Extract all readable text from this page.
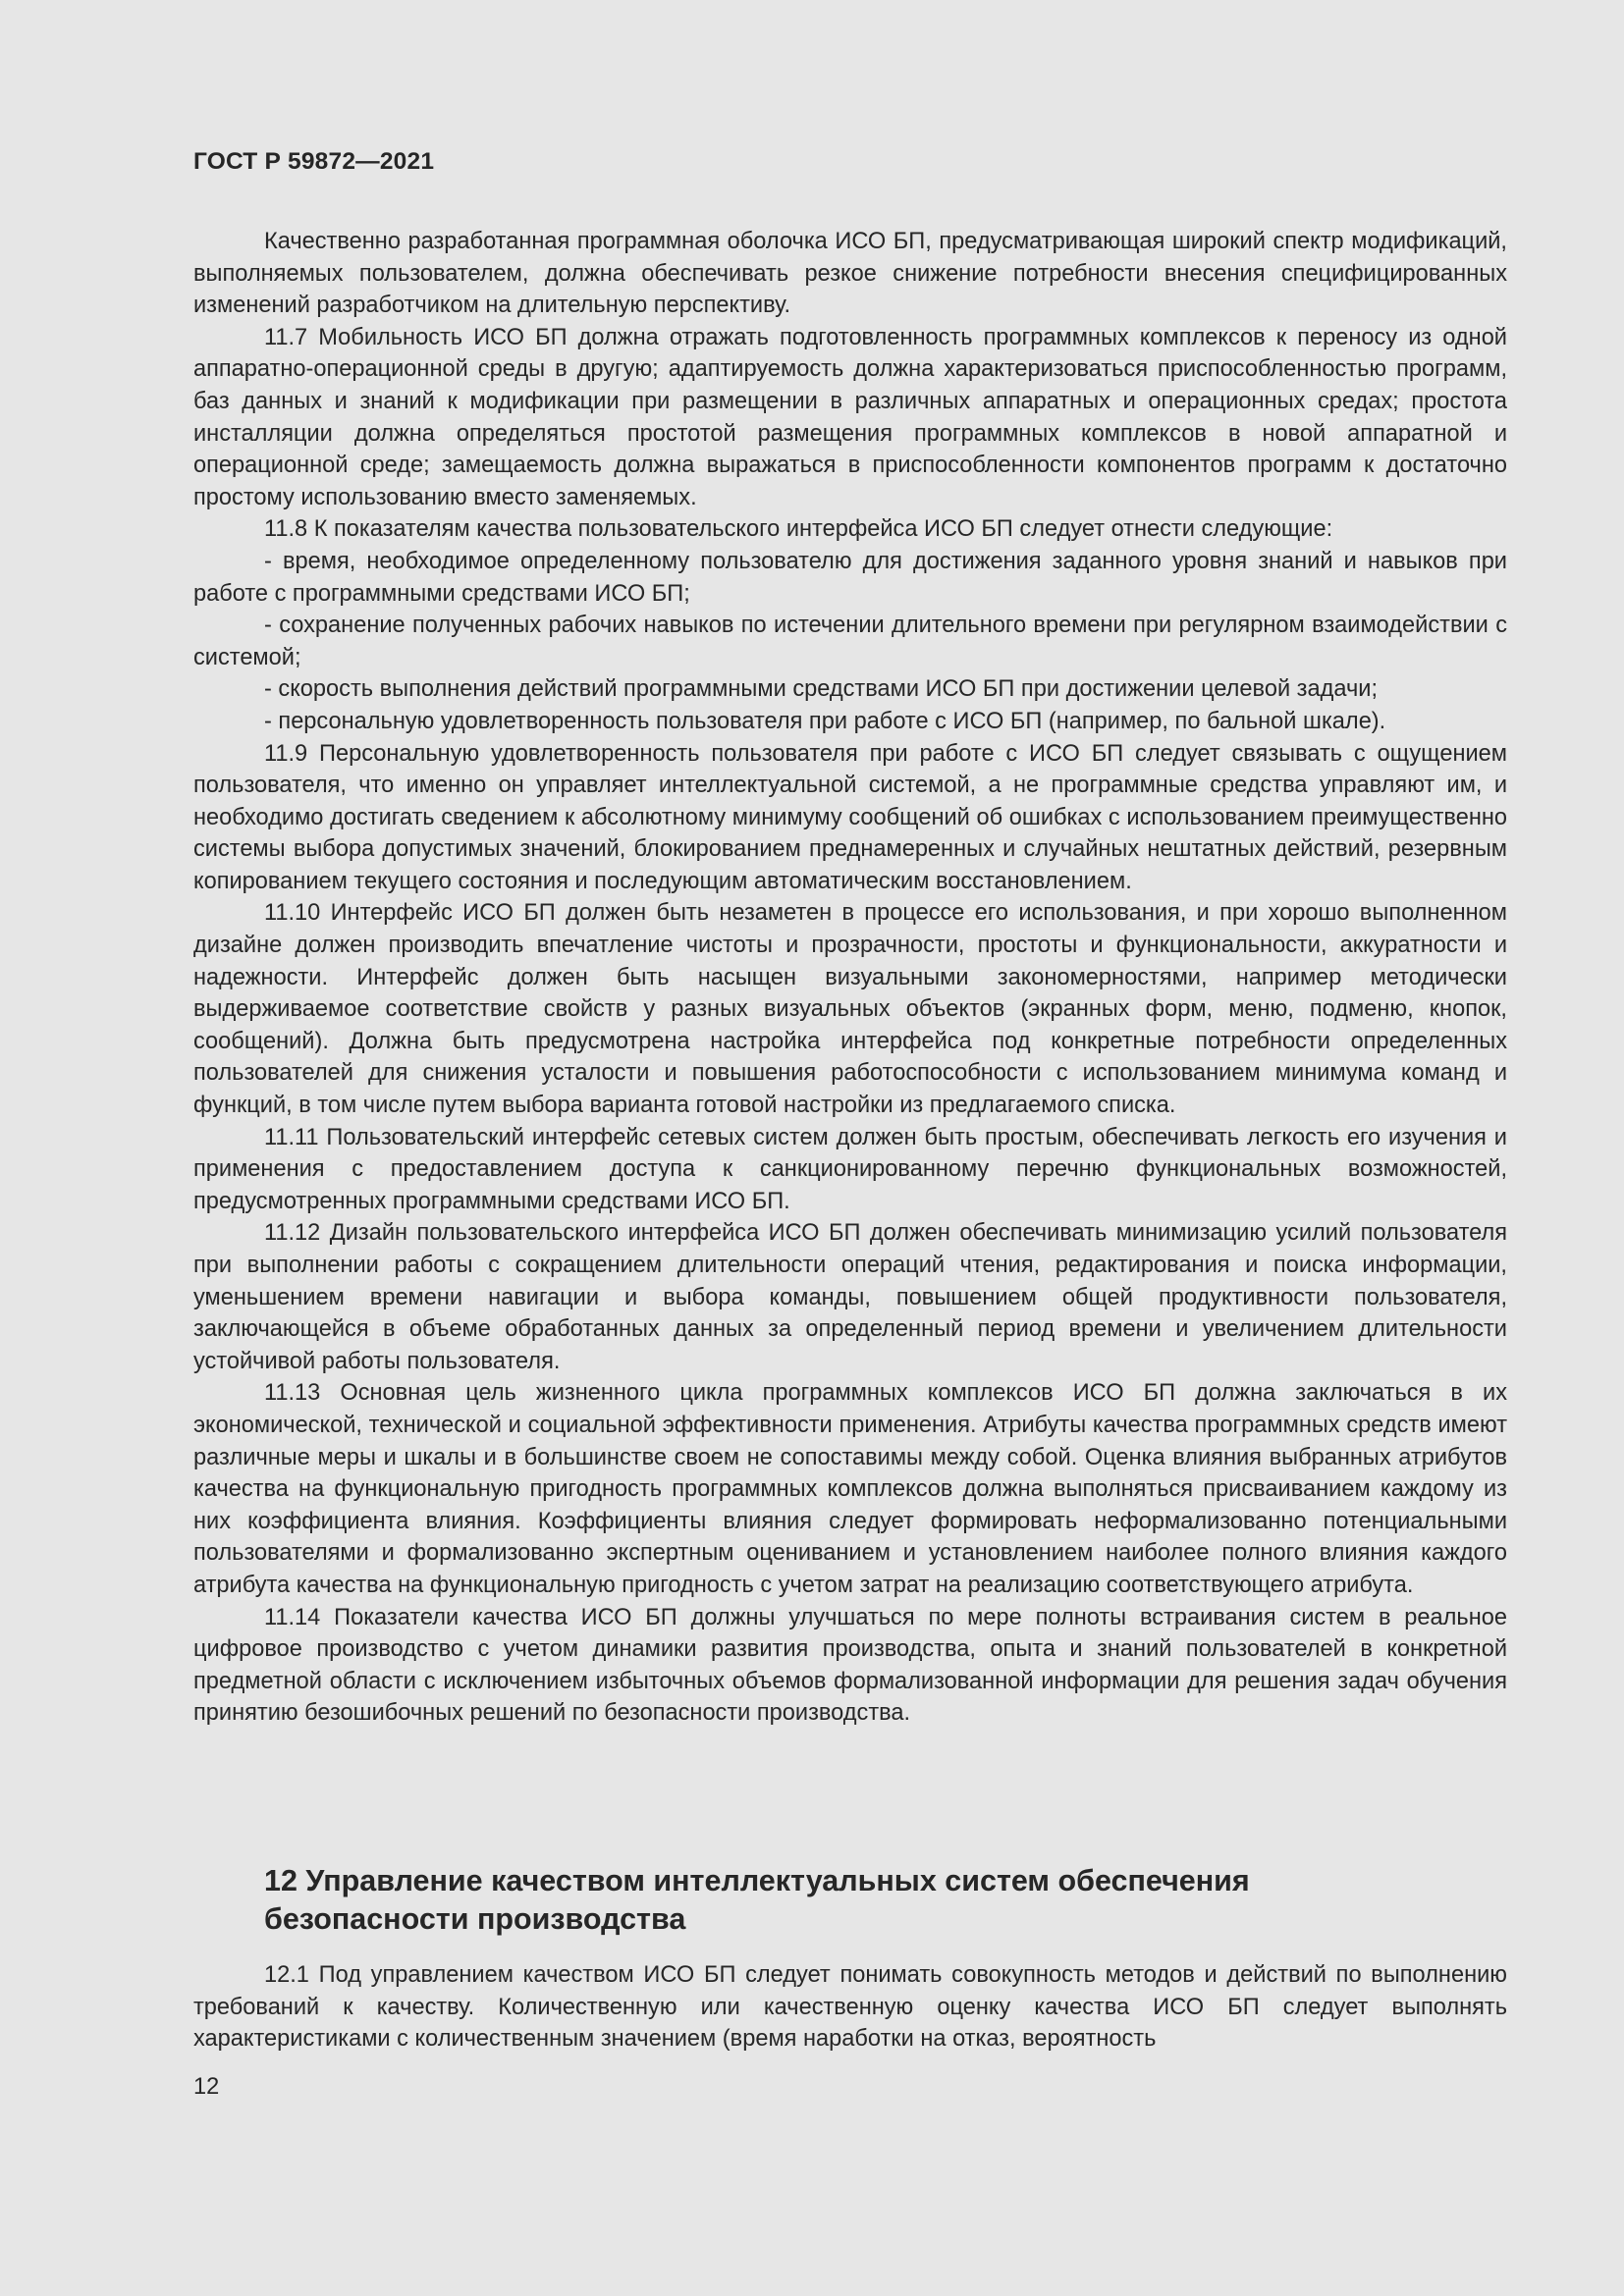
ГОСТ Р 59872—2021

Качественно разработанная программная оболочка ИСО БП, предусматривающая широкий спектр модификаций, выполняемых пользователем, должна обеспечивать резкое снижение потребности внесения специфицированных изменений разработчиком на длительную перспективу.

11.7 Мобильность ИСО БП должна отражать подготовленность программных комплексов к переносу из одной аппаратно-операционной среды в другую; адаптируемость должна характеризоваться приспособленностью программ, баз данных и знаний к модификации при размещении в различных аппаратных и операционных средах; простота инсталляции должна определяться простотой размещения программных комплексов в новой аппаратной и операционной среде; замещаемость должна выражаться в приспособленности компонентов программ к достаточно простому использованию вместо заменяемых.

11.8 К показателям качества пользовательского интерфейса ИСО БП следует отнести следующие:

- время, необходимое определенному пользователю для достижения заданного уровня знаний и навыков при работе с программными средствами ИСО БП;

- сохранение полученных рабочих навыков по истечении длительного времени при регулярном взаимодействии с системой;

- скорость выполнения действий программными средствами ИСО БП при достижении целевой задачи;

- персональную удовлетворенность пользователя при работе с ИСО БП (например, по бальной шкале).

11.9 Персональную удовлетворенность пользователя при работе с ИСО БП следует связывать с ощущением пользователя, что именно он управляет интеллектуальной системой, а не программные средства управляют им, и необходимо достигать сведением к абсолютному минимуму сообщений об ошибках с использованием преимущественно системы выбора допустимых значений, блокированием преднамеренных и случайных нештатных действий, резервным копированием текущего состояния и последующим автоматическим восстановлением.

11.10 Интерфейс ИСО БП должен быть незаметен в процессе его использования, и при хорошо выполненном дизайне должен производить впечатление чистоты и прозрачности, простоты и функциональности, аккуратности и надежности. Интерфейс должен быть насыщен визуальными закономерностями, например методически выдерживаемое соответствие свойств у разных визуальных объектов (экранных форм, меню, подменю, кнопок, сообщений). Должна быть предусмотрена настройка интерфейса под конкретные потребности определенных пользователей для снижения усталости и повышения работоспособности с использованием минимума команд и функций, в том числе путем выбора варианта готовой настройки из предлагаемого списка.

11.11 Пользовательский интерфейс сетевых систем должен быть простым, обеспечивать легкость его изучения и применения с предоставлением доступа к санкционированному перечню функциональных возможностей, предусмотренных программными средствами ИСО БП.

11.12 Дизайн пользовательского интерфейса ИСО БП должен обеспечивать минимизацию усилий пользователя при выполнении работы с сокращением длительности операций чтения, редактирования и поиска информации, уменьшением времени навигации и выбора команды, повышением общей продуктивности пользователя, заключающейся в объеме обработанных данных за определенный период времени и увеличением длительности устойчивой работы пользователя.

11.13 Основная цель жизненного цикла программных комплексов ИСО БП должна заключаться в их экономической, технической и социальной эффективности применения. Атрибуты качества программных средств имеют различные меры и шкалы и в большинстве своем не сопоставимы между собой. Оценка влияния выбранных атрибутов качества на функциональную пригодность программных комплексов должна выполняться присваиванием каждому из них коэффициента влияния. Коэффициенты влияния следует формировать неформализованно потенциальными пользователями и формализованно экспертным оцениванием и установлением наиболее полного влияния каждого атрибута качества на функциональную пригодность с учетом затрат на реализацию соответствующего атрибута.

11.14 Показатели качества ИСО БП должны улучшаться по мере полноты встраивания систем в реальное цифровое производство с учетом динамики развития производства, опыта и знаний пользователей в конкретной предметной области с исключением избыточных объемов формализованной информации для решения задач обучения принятию безошибочных решений по безопасности производства.

12 Управление качеством интеллектуальных систем обеспечения безопасности производства

12.1 Под управлением качеством ИСО БП следует понимать совокупность методов и действий по выполнению требований к качеству. Количественную или качественную оценку качества ИСО БП следует выполнять характеристиками с количественным значением (время наработки на отказ, вероятность

12
